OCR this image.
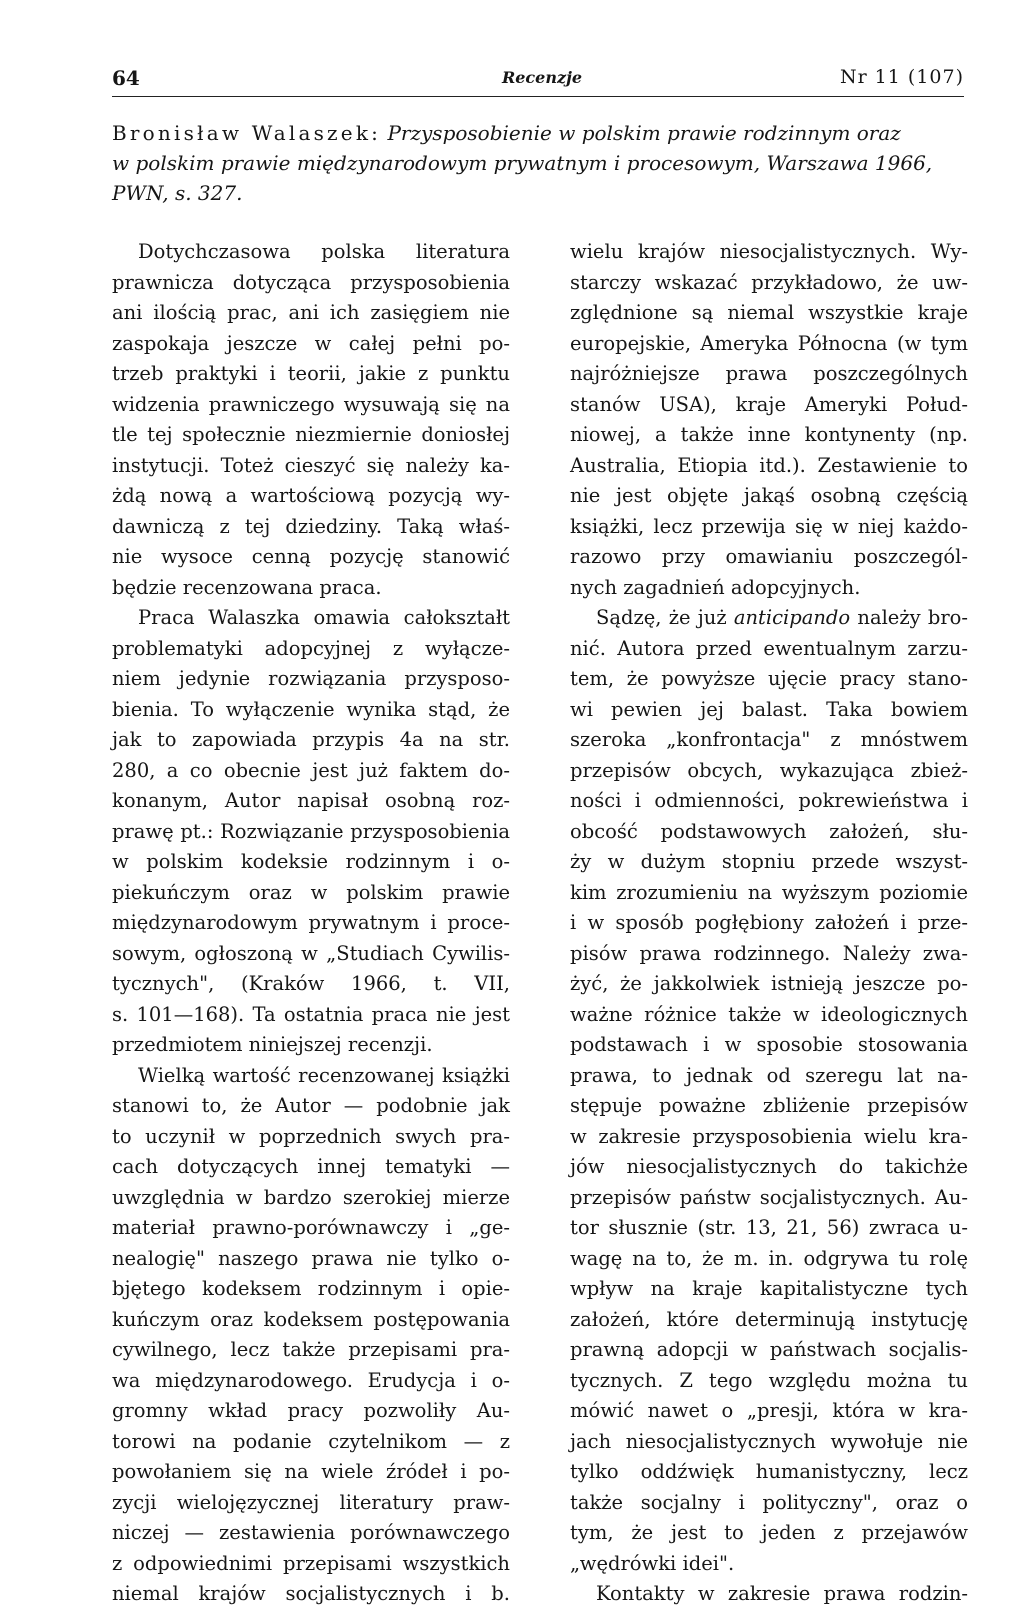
64	Recenzje	Nr 11 (107)
Bronisław Walaszek: Przysposobienie w polskim prawie rodzinnym oraz
w polskim prawie międzynarodowym prywatnym i procesowym, Warszawa 1966,
PWN, s. 327.
Dotychczasowa polska literatura
prawnicza dotycząca przysposobienia
ani ilością prac, ani ich zasięgiem nie
zaspokaja jeszcze w całej pełni po-
trzeb praktyki i teorii, jakie z punktu
widzenia prawniczego wysuwają się na
tle tej społecznie niezmiernie doniosłej
instytucji. Toteż cieszyć się należy ka-
żdą nową a wartościową pozycją wy-
dawniczą z tej dziedziny. Taką właś-
nie wysoce cenną pozycję stanowić
będzie recenzowana praca.
Praca Walaszka omawia całokształt
problematyki adopcyjnej z wyłącze-
niem jedynie rozwiązania przysposo-
bienia. To wyłączenie wynika stąd, że
jak to zapowiada przypis 4a na str.
280, a co obecnie jest już faktem do-
konanym, Autor napisał osobną roz-
prawę pt.: Rozwiązanie przysposobienia
w polskim kodeksie rodzinnym i o-
piekuńczym oraz w polskim prawie
międzynarodowym prywatnym i proce-
sowym, ogłoszoną w „Studiach Cywilis-
tycznych", (Kraków 1966, t. VII,
s. 101—168). Ta ostatnia praca nie jest
przedmiotem niniejszej recenzji.
Wielką wartość recenzowanej książki
stanowi to, że Autor — podobnie jak
to uczynił w poprzednich swych pra-
cach dotyczących innej tematyki —
uwzględnia w bardzo szerokiej mierze
materiał prawno-porównawczy i „ge-
nealogię" naszego prawa nie tylko o-
bjętego kodeksem rodzinnym i opie-
kuńczym oraz kodeksem postępowania
cywilnego, lecz także przepisami pra-
wa międzynarodowego. Erudycja i o-
gromny wkład pracy pozwoliły Au-
torowi na podanie czytelnikom — z
powołaniem się na wiele źródeł i po-
zycji wielojęzycznej literatury praw-
niczej — zestawienia porównawczego
z odpowiednimi przepisami wszystkich
niemal krajów socjalistycznych i b.
wielu krajów niesocjalistycznych. Wy-
starczy wskazać przykładowo, że uw-
zględnione są niemal wszystkie kraje
europejskie, Ameryka Północna (w tym
najróżniejsze prawa poszczególnych
stanów USA), kraje Ameryki Połud-
niowej, a także inne kontynenty (np.
Australia, Etiopia itd.). Zestawienie to
nie jest objęte jakąś osobną częścią
książki, lecz przewija się w niej każdo-
razowo przy omawianiu poszczegól-
nych zagadnień adopcyjnych.
Sądzę, że już anticipando należy bro-
nić. Autora przed ewentualnym zarzu-
tem, że powyższe ujęcie pracy stano-
wi pewien jej balast. Taka bowiem
szeroka „konfrontacja" z mnóstwem
przepisów obcych, wykazująca zbież-
ności i odmienności, pokrewieństwa i
obcość podstawowych założeń, słu-
ży w dużym stopniu przede wszyst-
kim zrozumieniu na wyższym poziomie
i w sposób pogłębiony założeń i prze-
pisów prawa rodzinnego. Należy zwa-
żyć, że jakkolwiek istnieją jeszcze po-
ważne różnice także w ideologicznych
podstawach i w sposobie stosowania
prawa, to jednak od szeregu lat na-
stępuje poważne zbliżenie przepisów
w zakresie przysposobienia wielu kra-
jów niesocjalistycznych do takichże
przepisów państw socjalistycznych. Au-
tor słusznie (str. 13, 21, 56) zwraca u-
wagę na to, że m. in. odgrywa tu rolę
wpływ na kraje kapitalistyczne tych
założeń, które determinują instytucję
prawną adopcji w państwach socjalis-
tycznych. Z tego względu można tu
mówić nawet o „presji, która w kra-
jach niesocjalistycznych wywołuje nie
tylko oddźwięk humanistyczny, lecz
także socjalny i polityczny", oraz o
tym, że jest to jeden z przejawów
„wędrówki idei".
Kontakty w zakresie prawa rodzin-
